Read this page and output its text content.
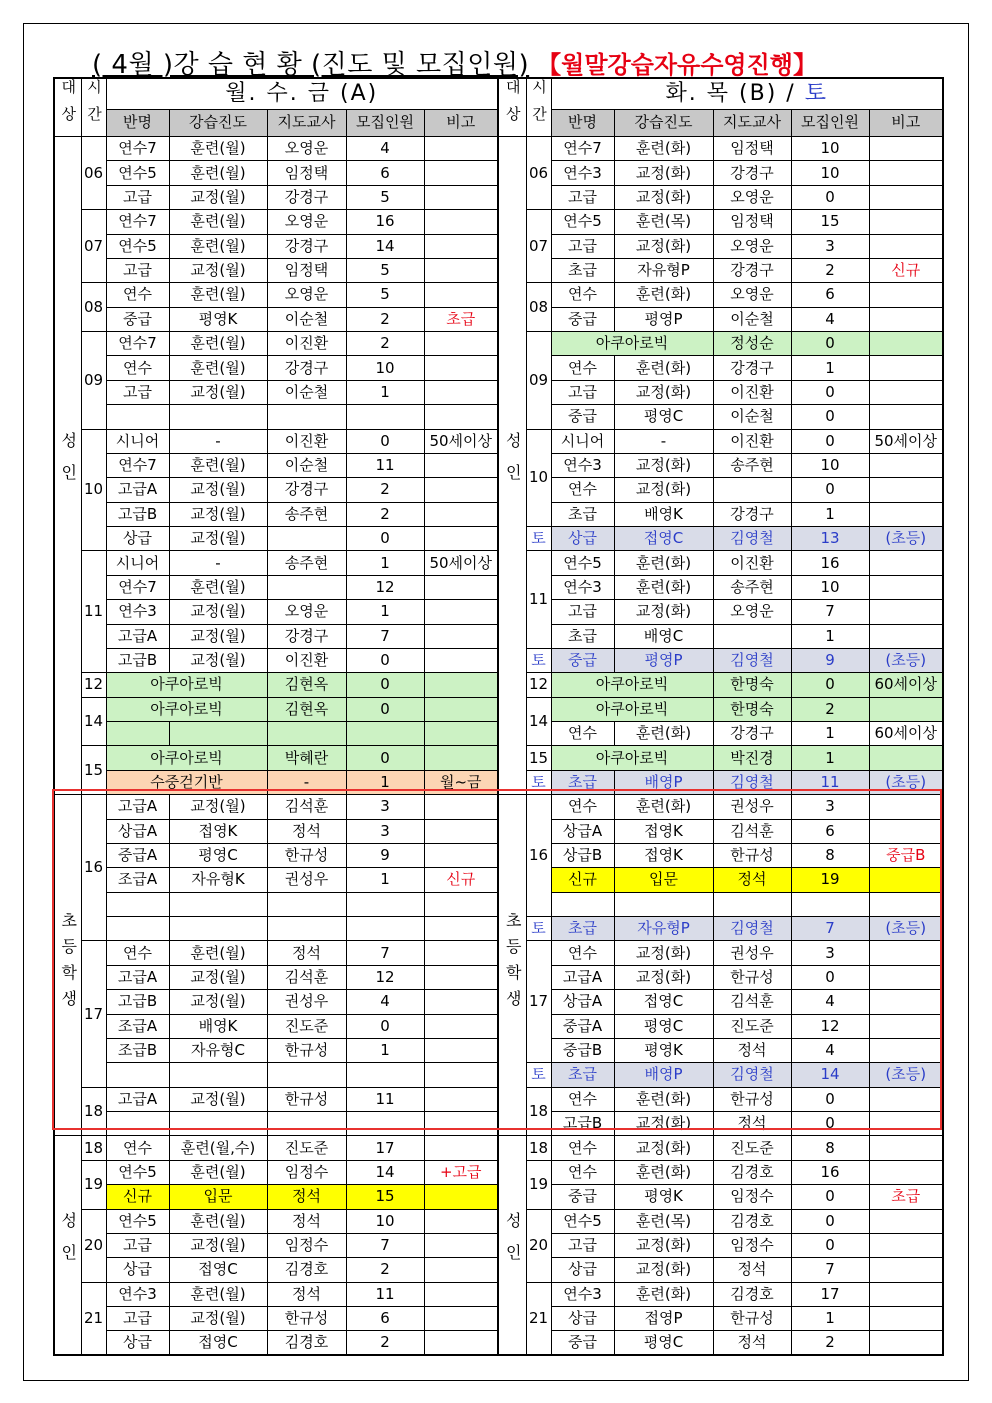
( 4월 )강 습 현 황 (진도 및 모집인원) 【월말강습자유수영진행】
대상	시간	월. 수. 금 (A)					대상	시간	화. 목 (B) / 토				
		반명	강습진도	지도교사	모집인원	비고			반명	강습진도	지도교사	모집인원	비고
성인	06	연수7	훈련(월)	오영운	4		성인	06	연수7	훈련(화)	임정택	10	
		연수5	훈련(월)	임정택	6				연수3	교정(화)	강경구	10	
		고급	교정(월)	강경구	5				고급	교정(화)	오영운	0	
	07	연수7	훈련(월)	오영운	16			07	연수5	훈련(목)	임정택	15	
		연수5	훈련(월)	강경구	14				고급	교정(화)	오영운	3	
		고급	교정(월)	임정택	5				초급	자유형P	강경구	2	신규
	08	연수	훈련(월)	오영운	5			08	연수	훈련(화)	오영운	6	
		중급	평영K	이순철	2	초급			중급	평영P	이순철	4	
	09	연수7	훈련(월)	이진환	2			09	아쿠아로빅		정성순	0	
		연수	훈련(월)	강경구	10				연수	훈련(화)	강경구	1	
		고급	교정(월)	이순철	1				고급	교정(화)	이진환	0	
									중급	평영C	이순철	0	
	10	시니어	-	이진환	0	50세이상		10	시니어	-	이진환	0	50세이상
		연수7	훈련(월)	이순철	11				연수3	교정(화)	송주현	10	
		고급A	교정(월)	강경구	2				연수	교정(화)		0	
		고급B	교정(월)	송주현	2				초급	배영K	강경구	1	
		상급	교정(월)		0			토	상급	접영C	김영철	13	(초등)
	11	시니어	-	송주현	1	50세이상		11	연수5	훈련(화)	이진환	16	
		연수7	훈련(월)		12				연수3	훈련(화)	송주현	10	
		연수3	교정(월)	오영운	1				고급	교정(화)	오영운	7	
		고급A	교정(월)	강경구	7				초급	배영C		1	
		고급B	교정(월)	이진환	0			토	중급	평영P	김영철	9	(초등)
	12	아쿠아로빅		김현옥	0			12	아쿠아로빅		한명숙	0	60세이상
	14	아쿠아로빅		김현옥	0			14	아쿠아로빅		한명숙	2	
									연수	훈련(화)	강경구	1	60세이상
	15	아쿠아로빅		박혜란	0			15	아쿠아로빅		박진경	1	
		수중걷기반		-	1	월~금		토	초급	배영P	김영철	11	(초등)
초등학생	16	고급A	교정(월)	김석훈	3		초등학생	16	연수	훈련(화)	권성우	3	
		상급A	접영K	정석	3				상급A	접영K	김석훈	6	
		중급A	평영C	한규성	9				상급B	접영K	한규성	8	중급B
		조급A	자유형K	권성우	1	신규			신규	입문	정석	19	

								토	초급	자유형P	김영철	7	(초등)
	17	연수	훈련(월)	정석	7			17	연수	교정(화)	권성우	3	
		고급A	교정(월)	김석훈	12				고급A	교정(화)	한규성	0	
		고급B	교정(월)	권성우	4				상급A	접영C	김석훈	4	
		조급A	배영K	진도준	0				중급A	평영C	진도준	12	
		조급B	자유형C	한규성	1				중급B	평영K	정석	4	
								토	초급	배영P	김영철	14	(초등)
	18	고급A	교정(월)	한규성	11			18	연수	훈련(화)	한규성	0	
									고급B	교정(화)	정석	0	
성인	18	연수	훈련(월,수)	진도준	17		성인	18	연수	교정(화)	진도준	8	
	19	연수5	훈련(월)	임정수	14	+고급		19	연수	훈련(화)	김경호	16	
		신규	입문	정석	15				중급	평영K	임정수	0	초급
	20	연수5	훈련(월)	정석	10			20	연수5	훈련(목)	김경호	0	
		고급	교정(월)	임정수	7				고급	교정(화)	임정수	0	
		상급	접영C	김경호	2				상급	교정(화)	정석	7	
	21	연수3	훈련(월)	정석	11			21	연수3	훈련(화)	김경호	17	
		고급	교정(월)	한규성	6				상급	접영P	한규성	1	
		상급	접영C	김경호	2				중급	평영C	정석	2	
